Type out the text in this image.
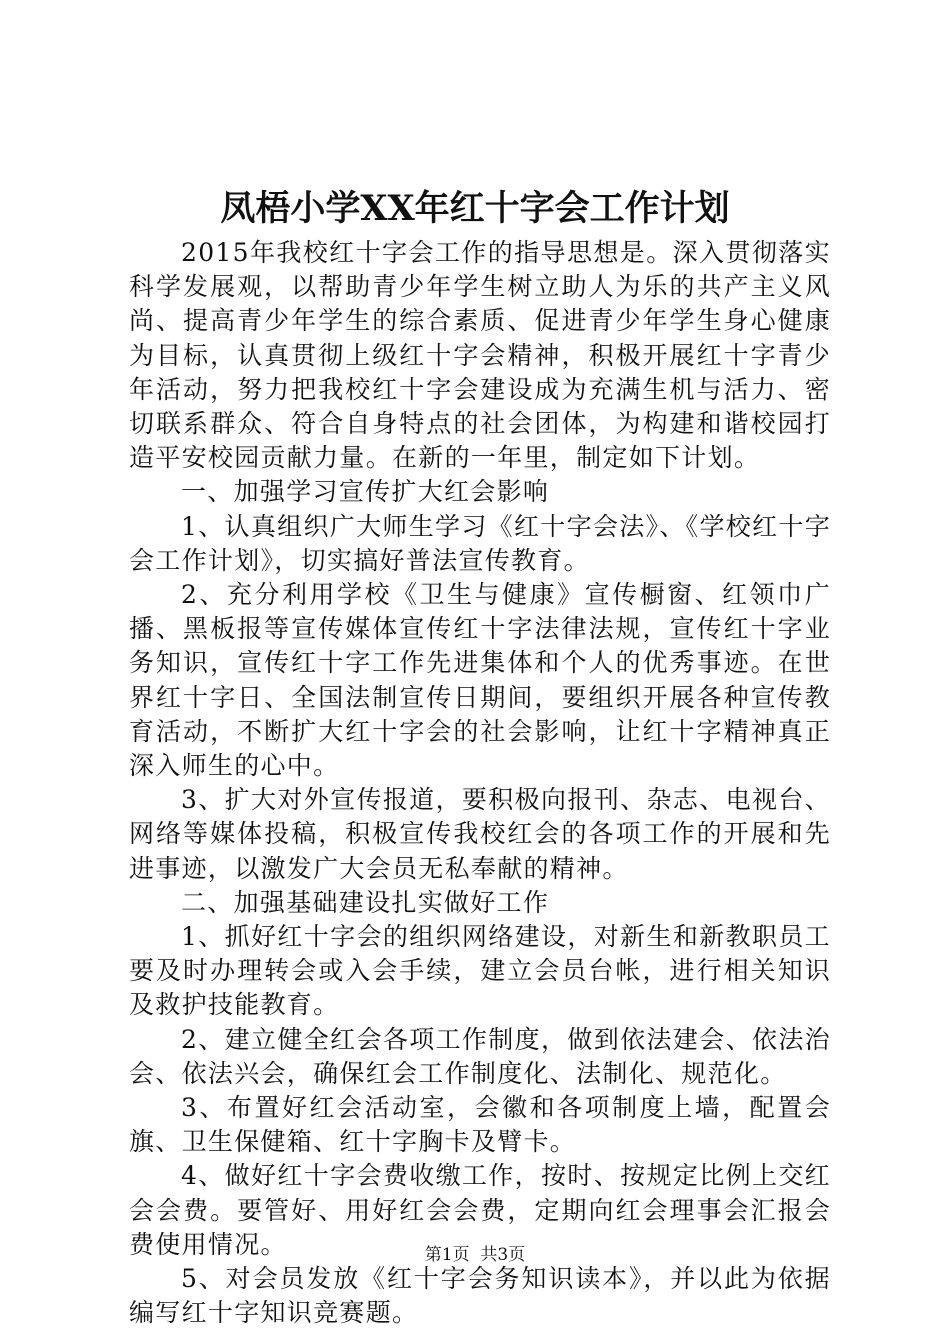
凤梧小学XX年红十字会工作计划

2015年我校红十字会工作的指导思想是。深入贯彻落实科学发展观，以帮助青少年学生树立助人为乐的共产主义风尚、提高青少年学生的综合素质、促进青少年学生身心健康为目标，认真贯彻上级红十字会精神，积极开展红十字青少年活动，努力把我校红十字会建设成为充满生机与活力、密切联系群众、符合自身特点的社会团体，为构建和谐校园打造平安校园贡献力量。在新的一年里，制定如下计划。

一、加强学习宣传扩大红会影响

1、认真组织广大师生学习《红十字会法》、《学校红十字会工作计划》，切实搞好普法宣传教育。

2、充分利用学校《卫生与健康》宣传橱窗、红领巾广播、黑板报等宣传媒体宣传红十字法律法规，宣传红十字业务知识，宣传红十字工作先进集体和个人的优秀事迹。在世界红十字日、全国法制宣传日期间，要组织开展各种宣传教育活动，不断扩大红十字会的社会影响，让红十字精神真正深入师生的心中。

3、扩大对外宣传报道，要积极向报刊、杂志、电视台、网络等媒体投稿，积极宣传我校红会的各项工作的开展和先进事迹，以激发广大会员无私奉献的精神。

二、加强基础建设扎实做好工作

1、抓好红十字会的组织网络建设，对新生和新教职员工要及时办理转会或入会手续，建立会员台帐，进行相关知识及救护技能教育。

2、建立健全红会各项工作制度，做到依法建会、依法治会、依法兴会，确保红会工作制度化、法制化、规范化。

3、布置好红会活动室，会徽和各项制度上墙，配置会旗、卫生保健箱、红十字胸卡及臂卡。

4、做好红十字会费收缴工作，按时、按规定比例上交红会会费。要管好、用好红会会费，定期向红会理事会汇报会费使用情况。

5、对会员发放《红十字会务知识读本》，并以此为依据编写红十字知识竞赛题。

第1页 共3页
